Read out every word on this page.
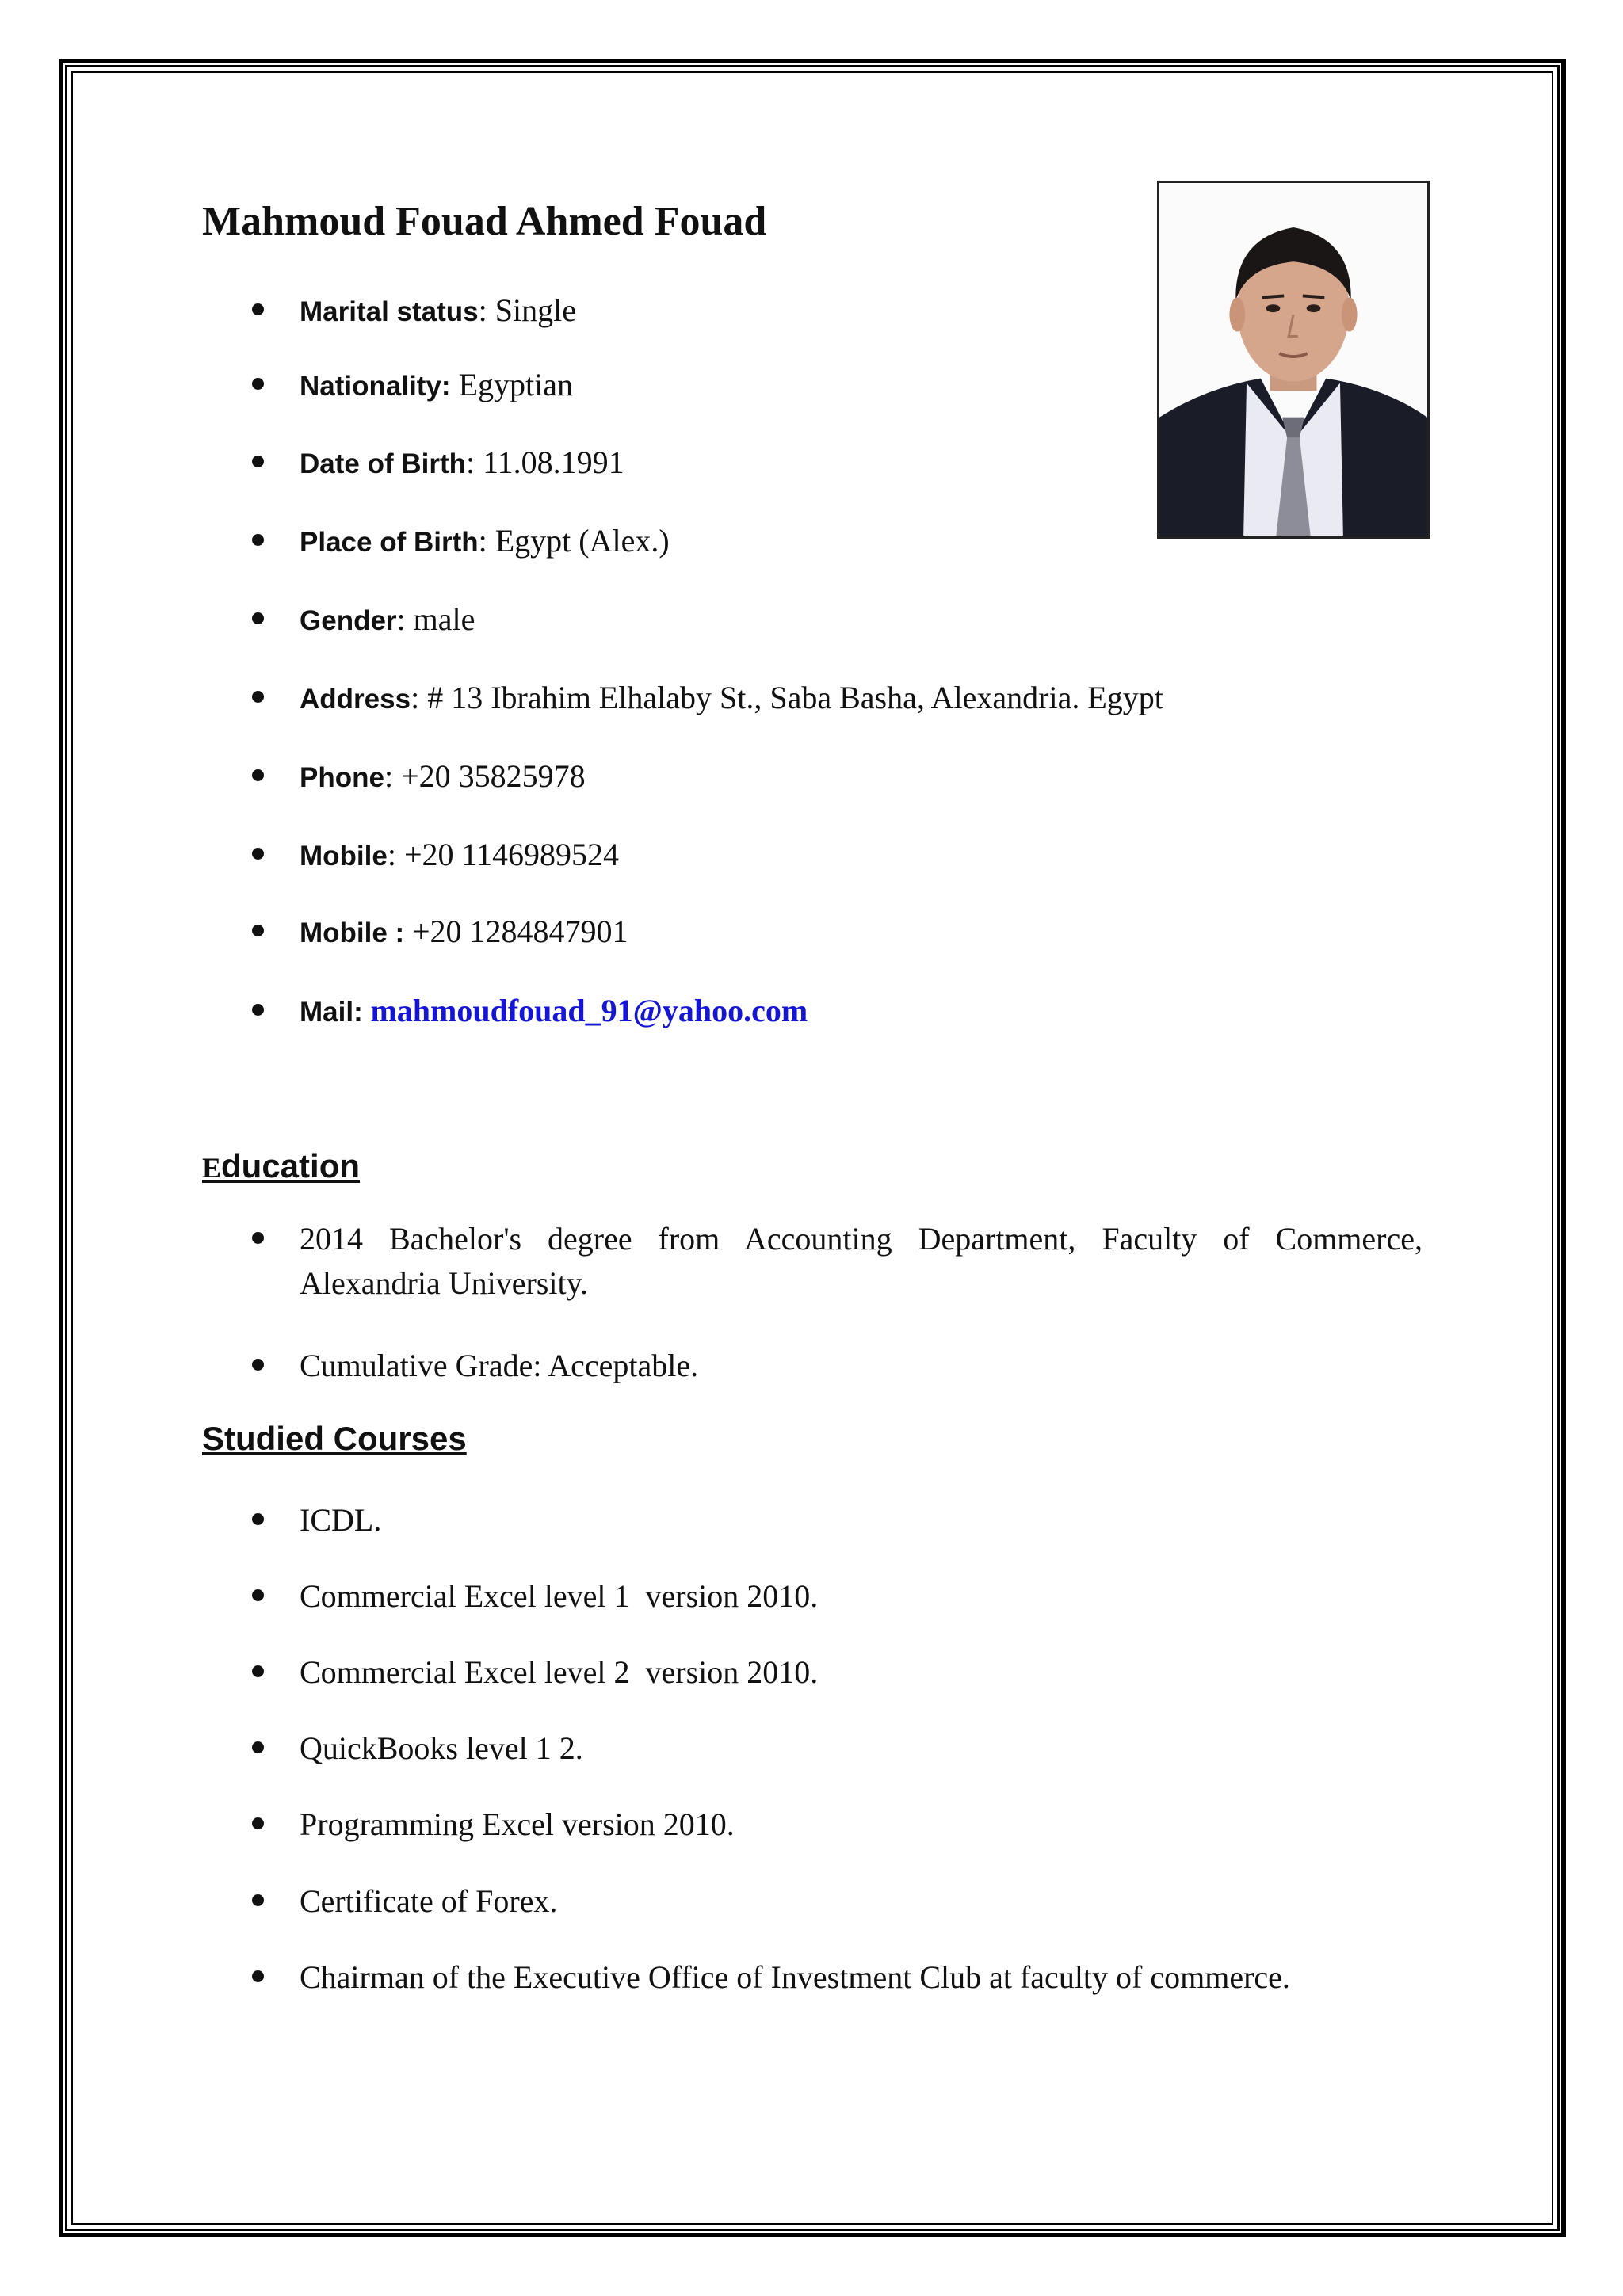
Mahmoud Fouad Ahmed Fouad
Marital status: Single
Nationality: Egyptian
Date of Birth: 11.08.1991
Place of Birth: Egypt (Alex.)
Gender: male
Address: # 13 Ibrahim Elhalaby St., Saba Basha, Alexandria. Egypt
Phone: +20 35825978
Mobile: +20 1146989524
Mobile : +20 1284847901
Mail: mahmoudfouad_91@yahoo.com
Education
2014 Bachelor's degree from Accounting Department, Faculty of Commerce, Alexandria University.
Cumulative Grade: Acceptable.
Studied Courses
ICDL.
Commercial Excel level 1  version 2010.
Commercial Excel level 2  version 2010.
QuickBooks level 1 2.
Programming Excel version 2010.
Certificate of Forex.
Chairman of the Executive Office of Investment Club at faculty of commerce.
